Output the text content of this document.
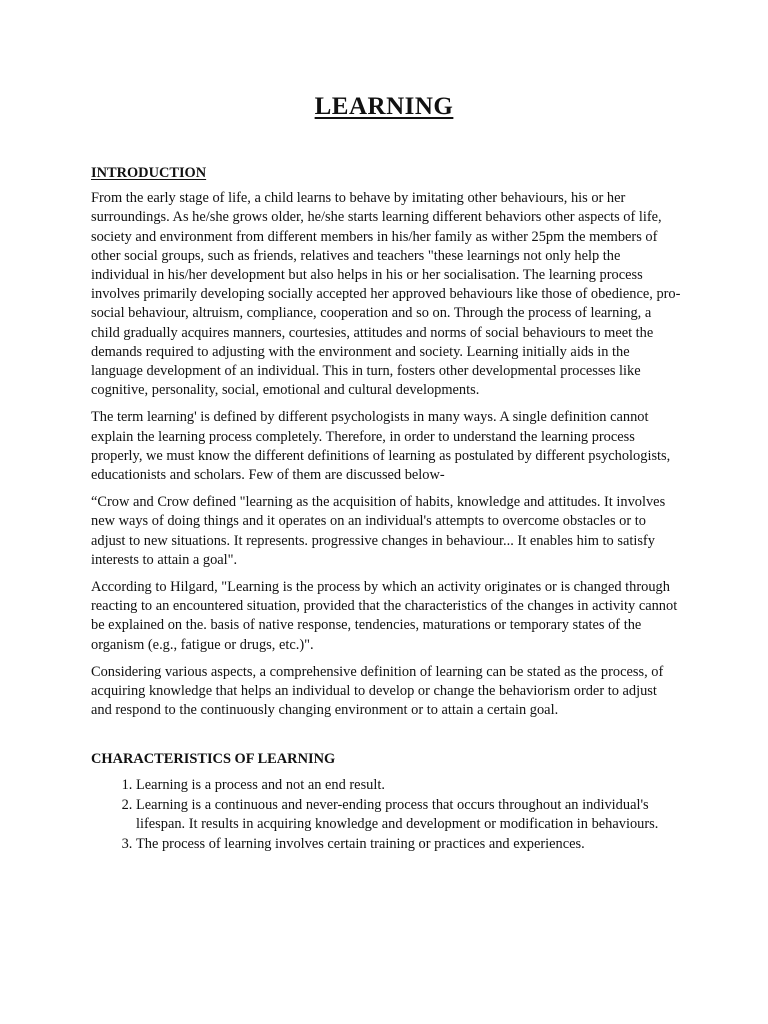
LEARNING
INTRODUCTION

From the early stage of life, a child learns to behave by imitating other behaviours, his or her surroundings. As he/she grows older, he/she starts learning different behaviors other aspects of life, society and environment from different members in his/her family as wither 25pm the members of other social groups, such as friends, relatives and teachers "these learnings not only help the individual in his/her development but also helps in his or her socialisation. The learning process involves primarily developing socially accepted her approved behaviours like those of obedience, pro-social behaviour, altruism, compliance, cooperation and so on. Through the process of learning, a child gradually acquires manners, courtesies, attitudes and norms of social behaviours to meet the demands required to adjusting with the environment and society. Learning initially aids in the language development of an individual. This in turn, fosters other developmental processes like cognitive, personality, social, emotional and cultural developments.

The term learning' is defined by different psychologists in many ways. A single definition cannot explain the learning process completely. Therefore, in order to understand the learning process properly, we must know the different definitions of learning as postulated by different psychologists, educationists and scholars. Few of them are discussed below-

“Crow and Crow defined "learning as the acquisition of habits, knowledge and attitudes. It involves new ways of doing things and it operates on an individual's attempts to overcome obstacles or to adjust to new situations. It represents. progressive changes in behaviour... It enables him to satisfy interests to attain a goal".

According to Hilgard, "Learning is the process by which an activity originates or is changed through reacting to an encountered situation, provided that the characteristics of the changes in activity cannot be explained on the. basis of native response, tendencies, maturations or temporary states of the organism (e.g., fatigue or drugs, etc.)".

Considering various aspects, a comprehensive definition of learning can be stated as the process, of acquiring knowledge that helps an individual to develop or change the behaviorism order to adjust and respond to the continuously changing environment or to attain a certain goal.

CHARACTERISTICS OF LEARNING
1. Learning is a process and not an end result.
2. Learning is a continuous and never-ending process that occurs throughout an individual's lifespan. It results in acquiring knowledge and development or modification in behaviours.
3. The process of learning involves certain training or practices and experiences.
